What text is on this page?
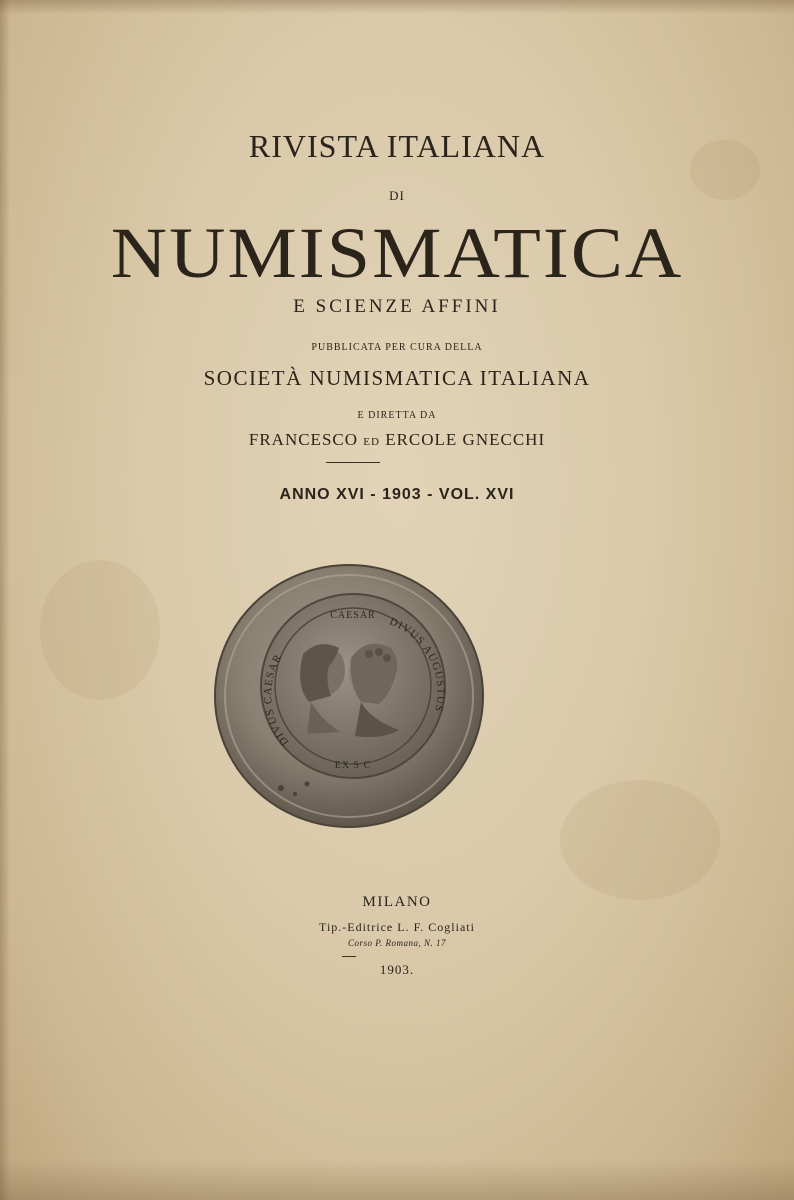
RIVISTA ITALIANA
DI
NUMISMATICA
E SCIENZE AFFINI
PUBBLICATA PER CURA DELLA
SOCIETÀ NUMISMATICA ITALIANA
E DIRETTA DA
FRANCESCO ED ERCOLE GNECCHI
ANNO XVI - 1903 - VOL. XVI
DIVUS CAESAR
DIVUS AUGUSTUS
CAESAR
EX S C
MILANO
Tip.-Editrice L. F. Cogliati
Corso P. Romana, N. 17
1903.
